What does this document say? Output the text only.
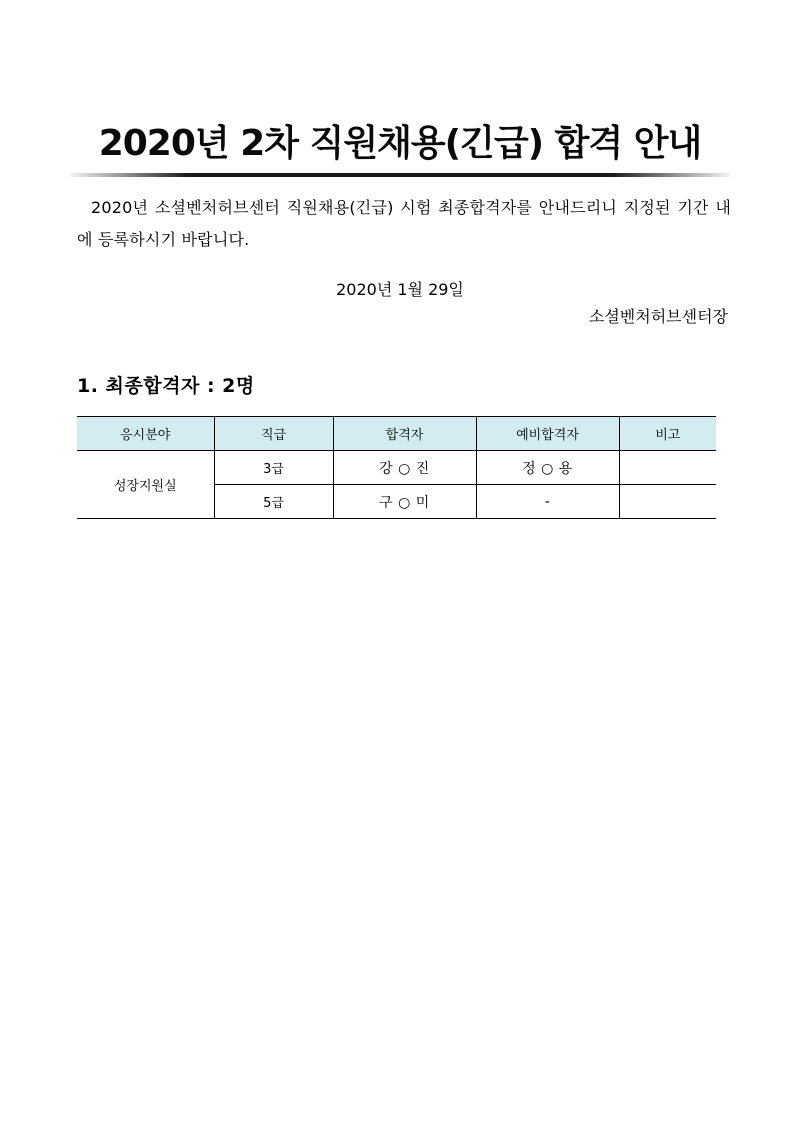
2020년 2차 직원채용(긴급) 합격 안내
2020년 소셜벤처허브센터 직원채용(긴급) 시험 최종합격자를 안내드리니 지정된 기간 내에 등록하시기 바랍니다.
2020년 1월 29일
소셜벤처허브센터장
1. 최종합격자 : 2명
응시분야	직급	합격자	예비합격자	비고
성장지원실	3급	강 ○ 진	정 ○ 용	
	5급	구 ○ 미	-	
